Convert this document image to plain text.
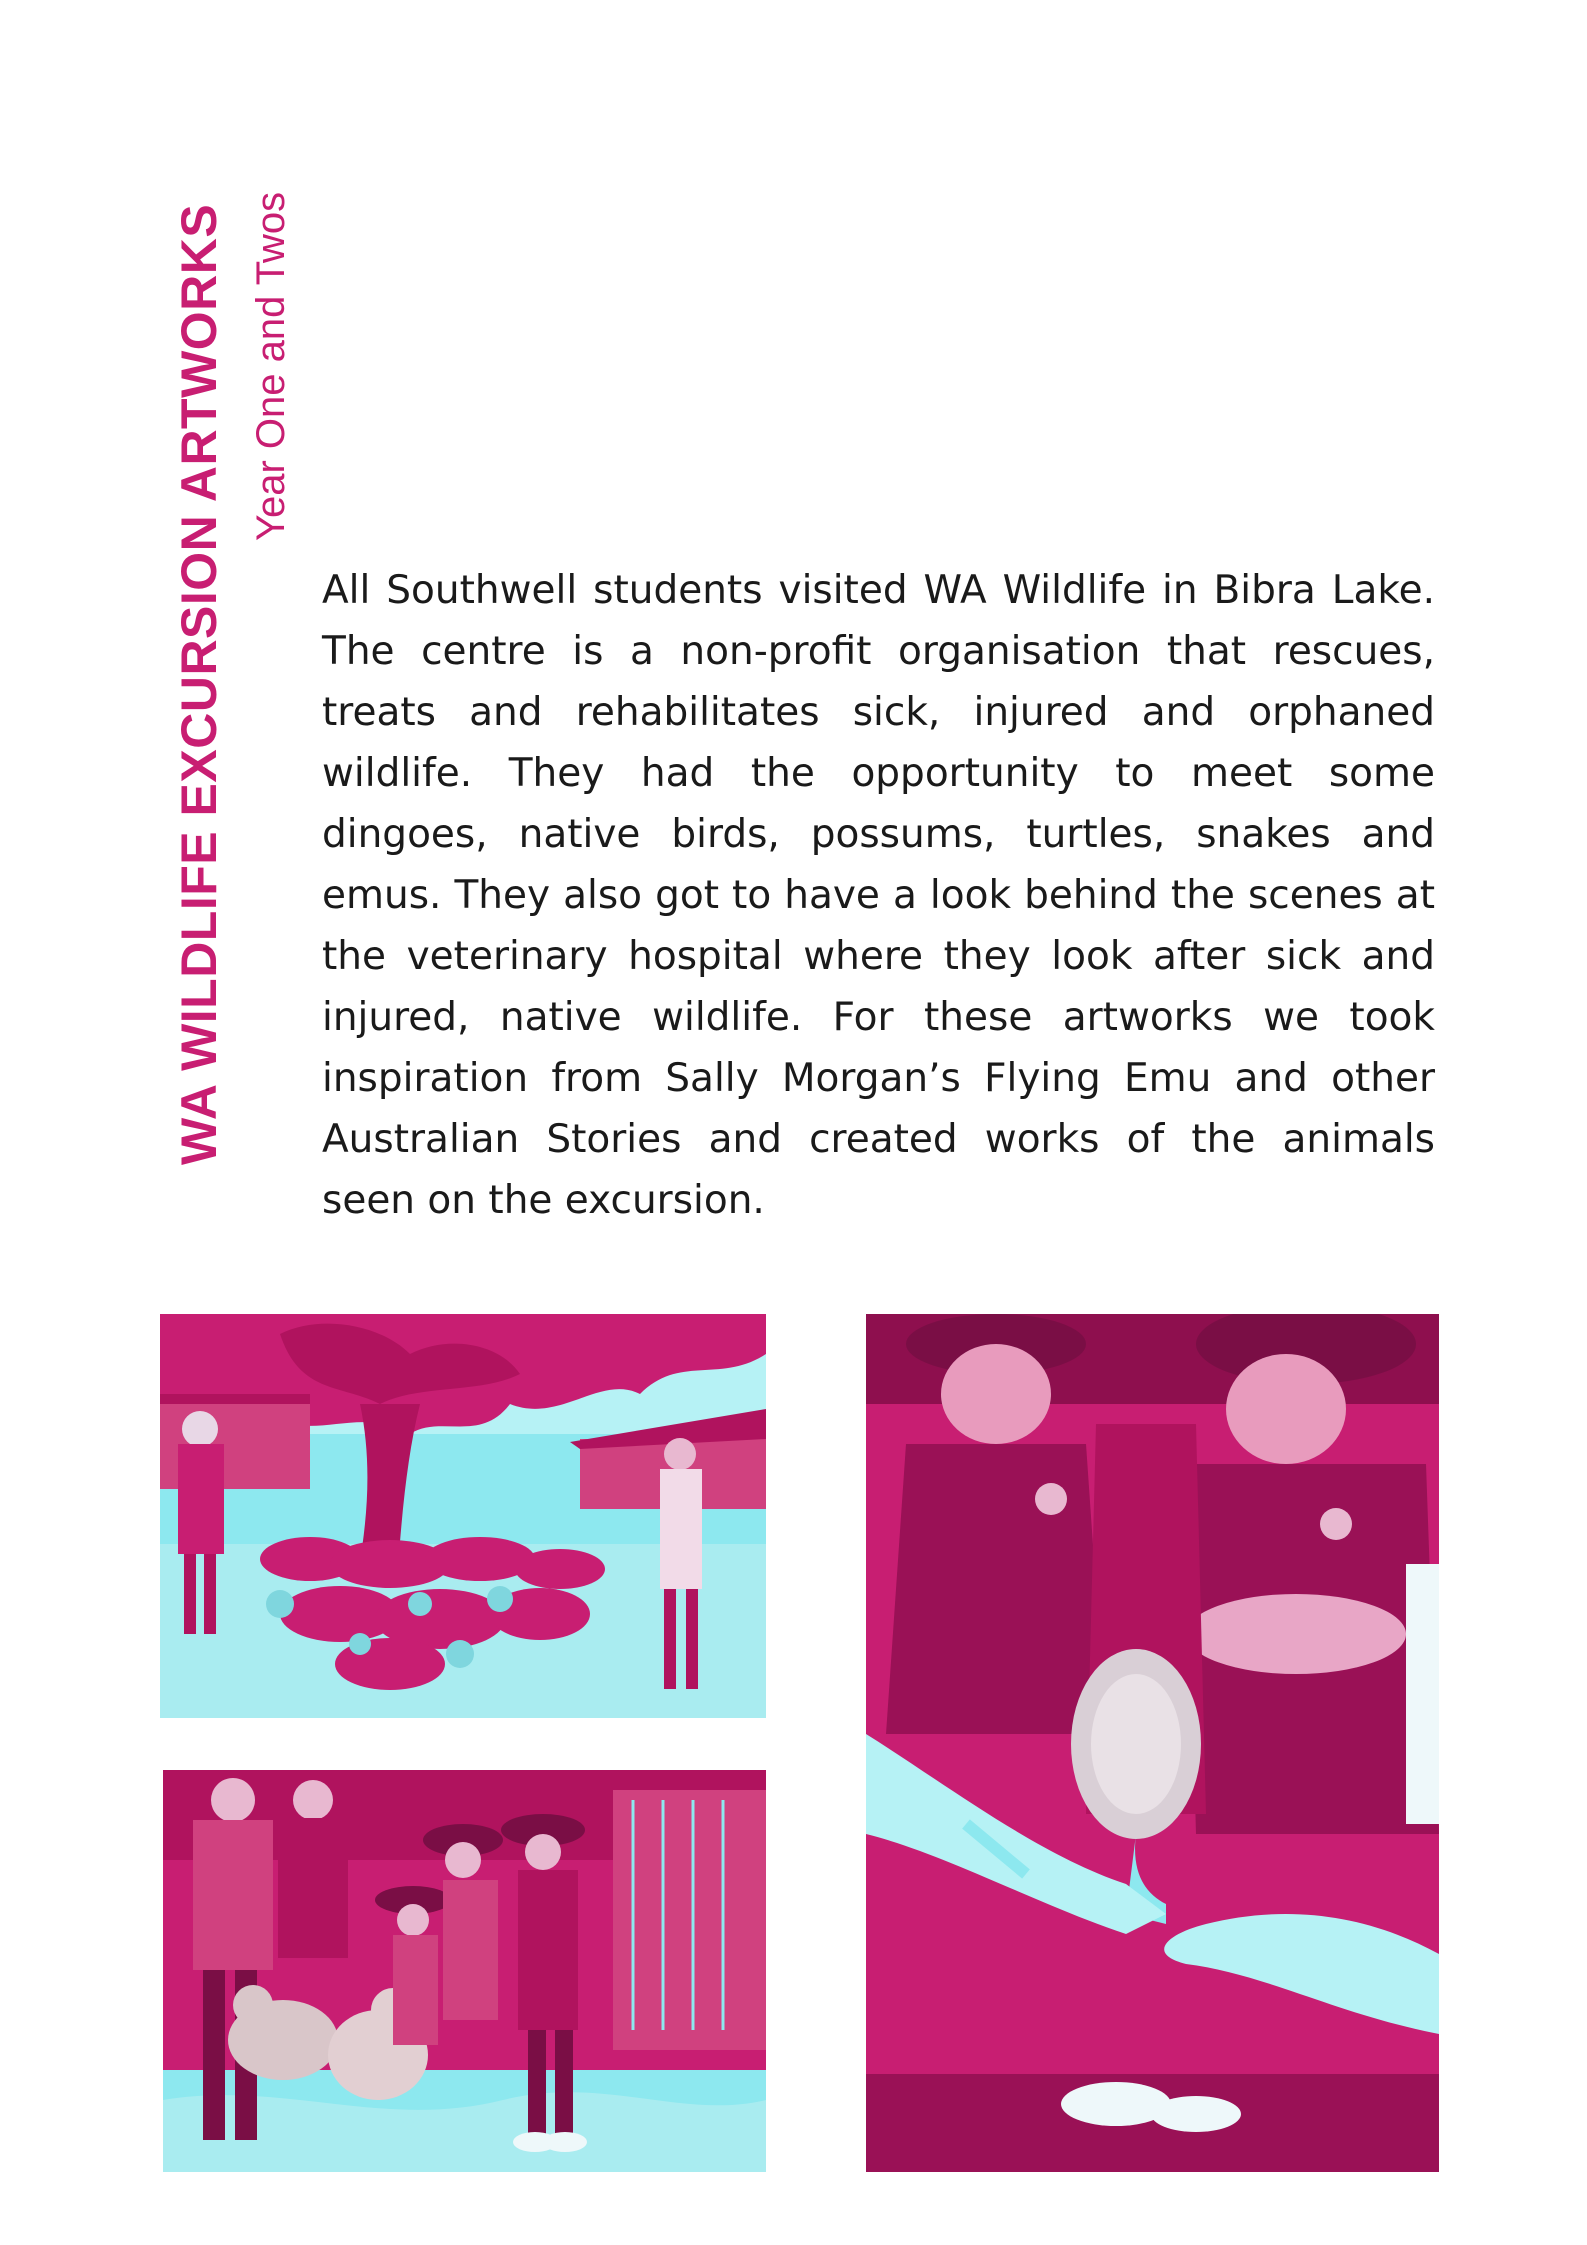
WA WILDLIFE EXCURSION ARTWORKS Year One and Twos

All Southwell students visited WA Wildlife in Bibra Lake. The centre is a non-profit organisation that rescues, treats and rehabilitates sick, injured and orphaned wildlife. They had the opportunity to meet some dingoes, native birds, possums, turtles, snakes and emus. They also got to have a look behind the scenes at the veterinary hospital where they look after sick and injured, native wildlife. For these artworks we took inspiration from Sally Morgan’s Flying Emu and other Australian Stories and created works of the animals seen on the excursion.
